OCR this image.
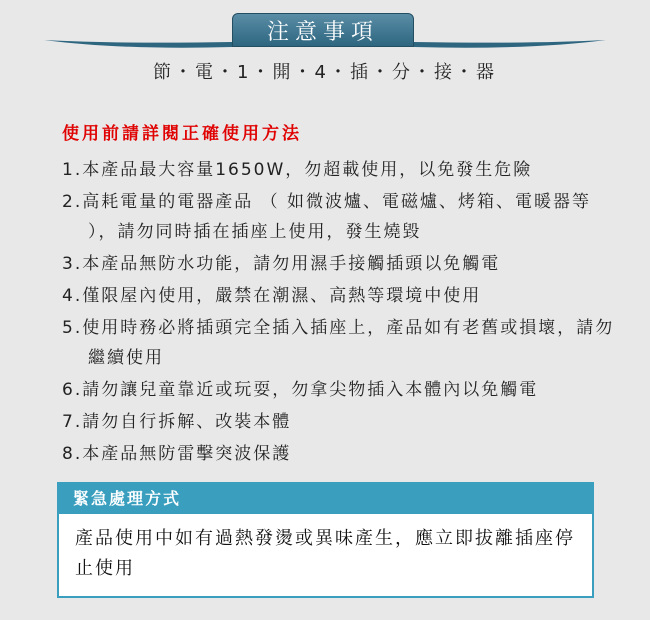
注意事項
節・電・1・開・4・插・分・接・器
使用前請詳閱正確使用方法
1.本產品最大容量1650W，勿超載使用，以免發生危險
2.高耗電量的電器產品 （ 如微波爐、電磁爐、烤箱、電暖器等 ），請勿同時插在插座上使用，發生燒毀
3.本產品無防水功能，請勿用濕手接觸插頭以免觸電
4.僅限屋內使用，嚴禁在潮濕、高熱等環境中使用
5.使用時務必將插頭完全插入插座上，產品如有老舊或損壞，請勿繼續使用
6.請勿讓兒童靠近或玩耍，勿拿尖物插入本體內以免觸電
7.請勿自行拆解、改裝本體
8.本產品無防雷擊突波保護
緊急處理方式
產品使用中如有過熱發燙或異味產生，應立即拔離插座停止使用
